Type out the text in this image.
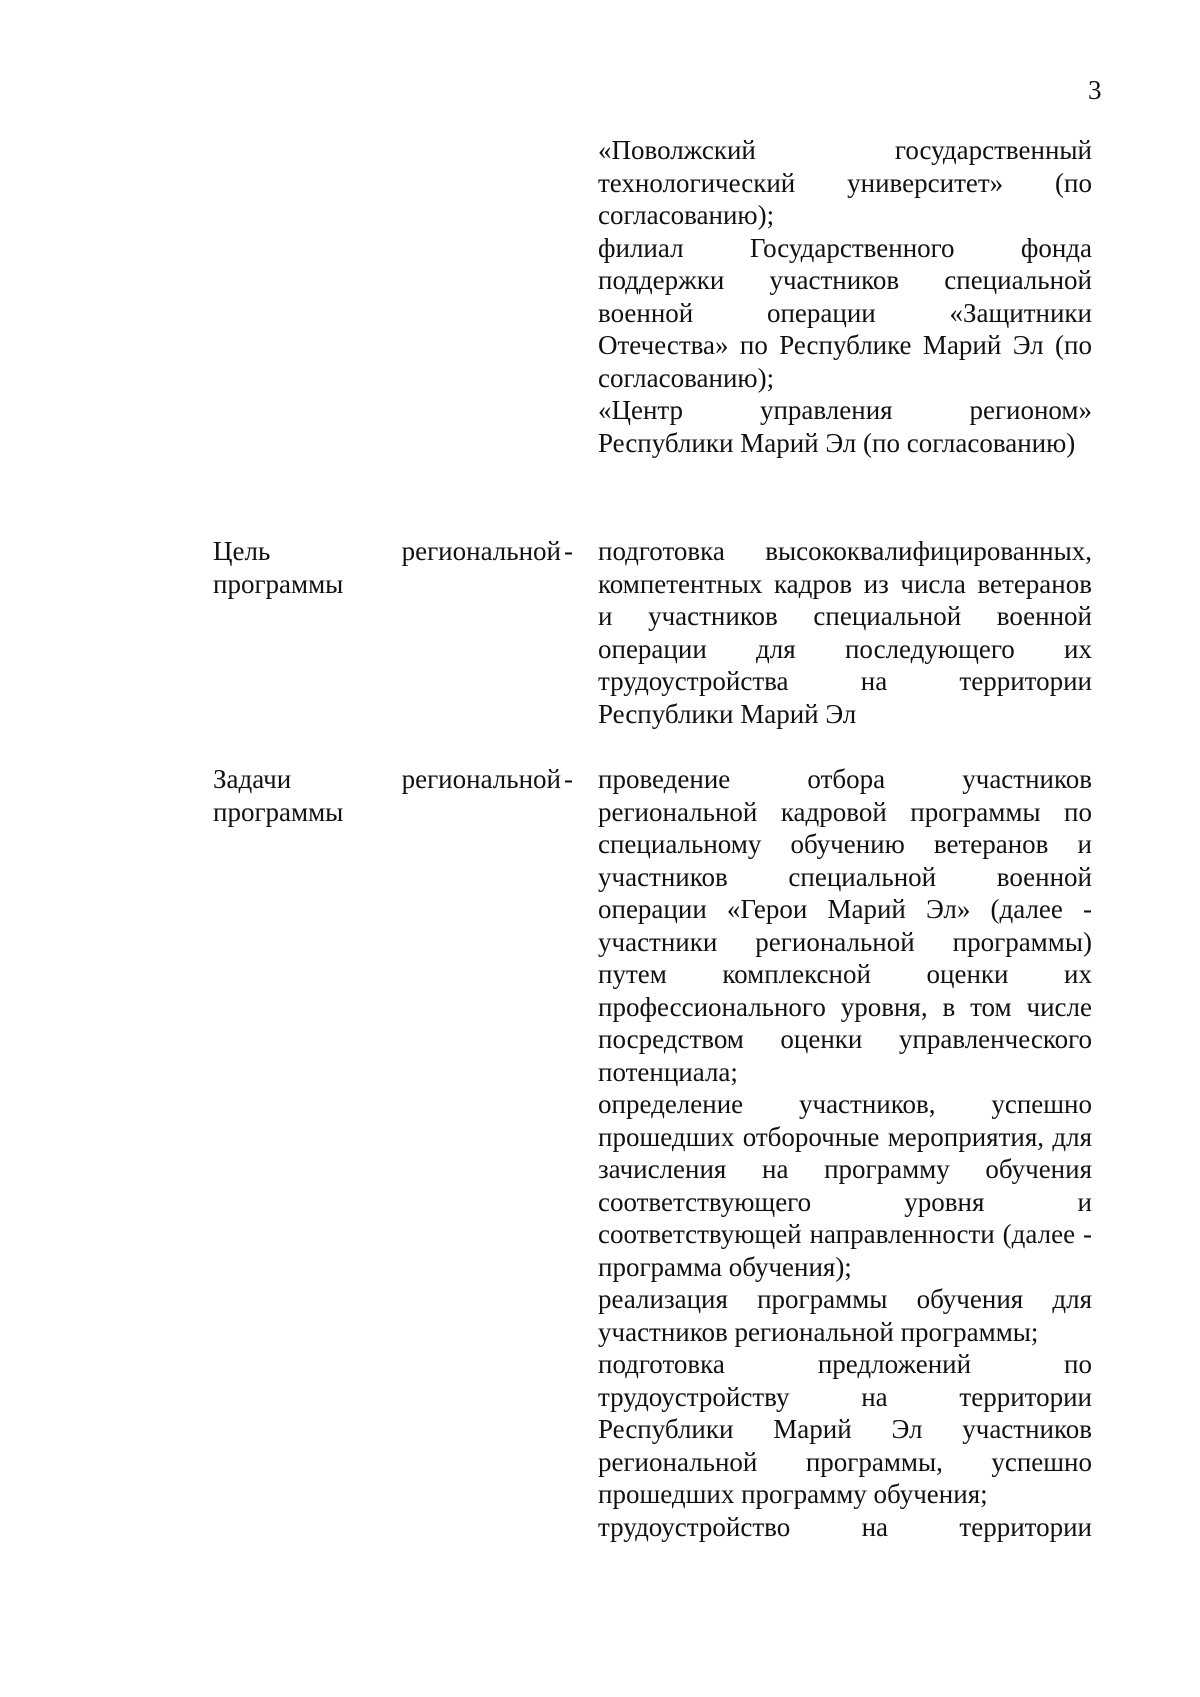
3

«Поволжский государственный технологический университет» (по согласованию);

филиал Государственного фонда поддержки участников специальной военной операции «Защитники Отечества» по Республике Марий Эл (по согласованию);

«Центр управления регионом» Республики Марий Эл (по согласованию)

Цель	региональной
программы
- подготовка высококвалифицированных, компетентных кадров из числа ветеранов и участников специальной военной операции для последующего их трудоустройства на территории Республики Марий Эл

Задачи	региональной
программы
- проведение отбора участников региональной кадровой программы по специальному обучению ветеранов и участников специальной военной операции «Герои Марий Эл» (далее - участники региональной программы) путем комплексной оценки их профессионального уровня, в том числе посредством оценки управленческого потенциала;

определение участников, успешно прошедших отборочные мероприятия, для зачисления на программу обучения соответствующего уровня и соответствующей направленности (далее - программа обучения);

реализация программы обучения для участников региональной программы;

подготовка предложений по трудоустройству на территории Республики Марий Эл участников региональной программы, успешно прошедших программу обучения;

трудоустройство на территории
